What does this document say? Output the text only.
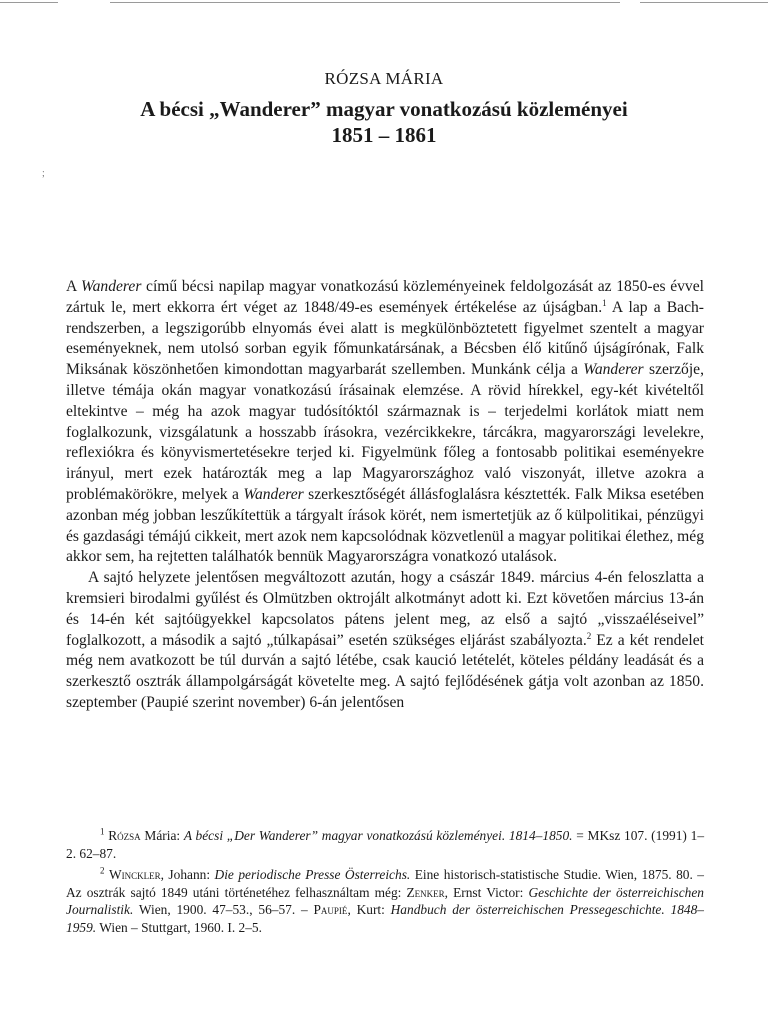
RÓZSA MÁRIA

A bécsi „Wanderer” magyar vonatkozású közleményei

1851 – 1861

;

A Wanderer című bécsi napilap magyar vonatkozású közleményeinek feldolgozását az 1850-es évvel zártuk le, mert ekkorra ért véget az 1848/49-es események értékelése az újságban.$^1$ A lap a Bach-rendszerben, a legszigorúbb elnyomás évei alatt is megkülönböztetett figyelmet szentelt a magyar eseményeknek, nem utolsó sorban egyik főmunkatársának, a Bécsben élő kitűnő újságírónak, Falk Miksának köszönhetően kimondottan magyarbarát szellemben. Munkánk célja a Wanderer szerzője, illetve témája okán magyar vonatkozású írásainak elemzése. A rövid hírekkel, egy-két kivételtől eltekintve – még ha azok magyar tudósítóktól származnak is – terjedelmi korlátok miatt nem foglalkozunk, vizsgálatunk a hosszabb írásokra, vezércikkekre, tárcákra, magyarországi levelekre, reflexiókra és könyvismertetésekre terjed ki. Figyelmünk főleg a fontosabb politikai eseményekre irányul, mert ezek határozták meg a lap Magyarországhoz való viszonyát, illetve azokra a problémakörökre, melyek a Wanderer szerkesztőségét állásfoglalásra késztették. Falk Miksa esetében azonban még jobban leszűkítettük a tárgyalt írások körét, nem ismertetjük az ő külpolitikai, pénzügyi és gazdasági témájú cikkeit, mert azok nem kapcsolódnak közvetlenül a magyar politikai élethez, még akkor sem, ha rejtetten találhatók bennük Magyarországra vonatkozó utalások.

A sajtó helyzete jelentősen megváltozott azután, hogy a császár 1849. március 4-én feloszlatta a kremsieri birodalmi gyűlést és Olmützben oktrojált alkotmányt adott ki. Ezt követően március 13-án és 14-én két sajtóügyekkel kapcsolatos pátens jelent meg, az első a sajtó „visszaéléseivel” foglalkozott, a második a sajtó „túlkapásai” esetén szükséges eljárást szabályozta.$^2$ Ez a két rendelet még nem avatkozott be túl durván a sajtó létébe, csak kaució letételét, köteles példány leadását és a szerkesztő osztrák állampolgárságát követelte meg. A sajtó fejlődésének gátja volt azonban az 1850. szeptember (Paupié szerint november) 6-án jelentősen

$^1$ Rózsa Mária: A bécsi „Der Wanderer” magyar vonatkozású közleményei. 1814–1850. = MKsz 107. (1991) 1–2. 62–87.

$^2$ Winckler, Johann: Die periodische Presse Österreichs. Eine historisch-statistische Studie. Wien, 1875. 80. – Az osztrák sajtó 1849 utáni történetéhez felhasználtam még: Zenker, Ernst Victor: Geschichte der österreichischen Journalistik. Wien, 1900. 47–53., 56–57. – Paupié, Kurt: Handbuch der österreichischen Pressegeschichte. 1848–1959. Wien – Stuttgart, 1960. I. 2–5.
